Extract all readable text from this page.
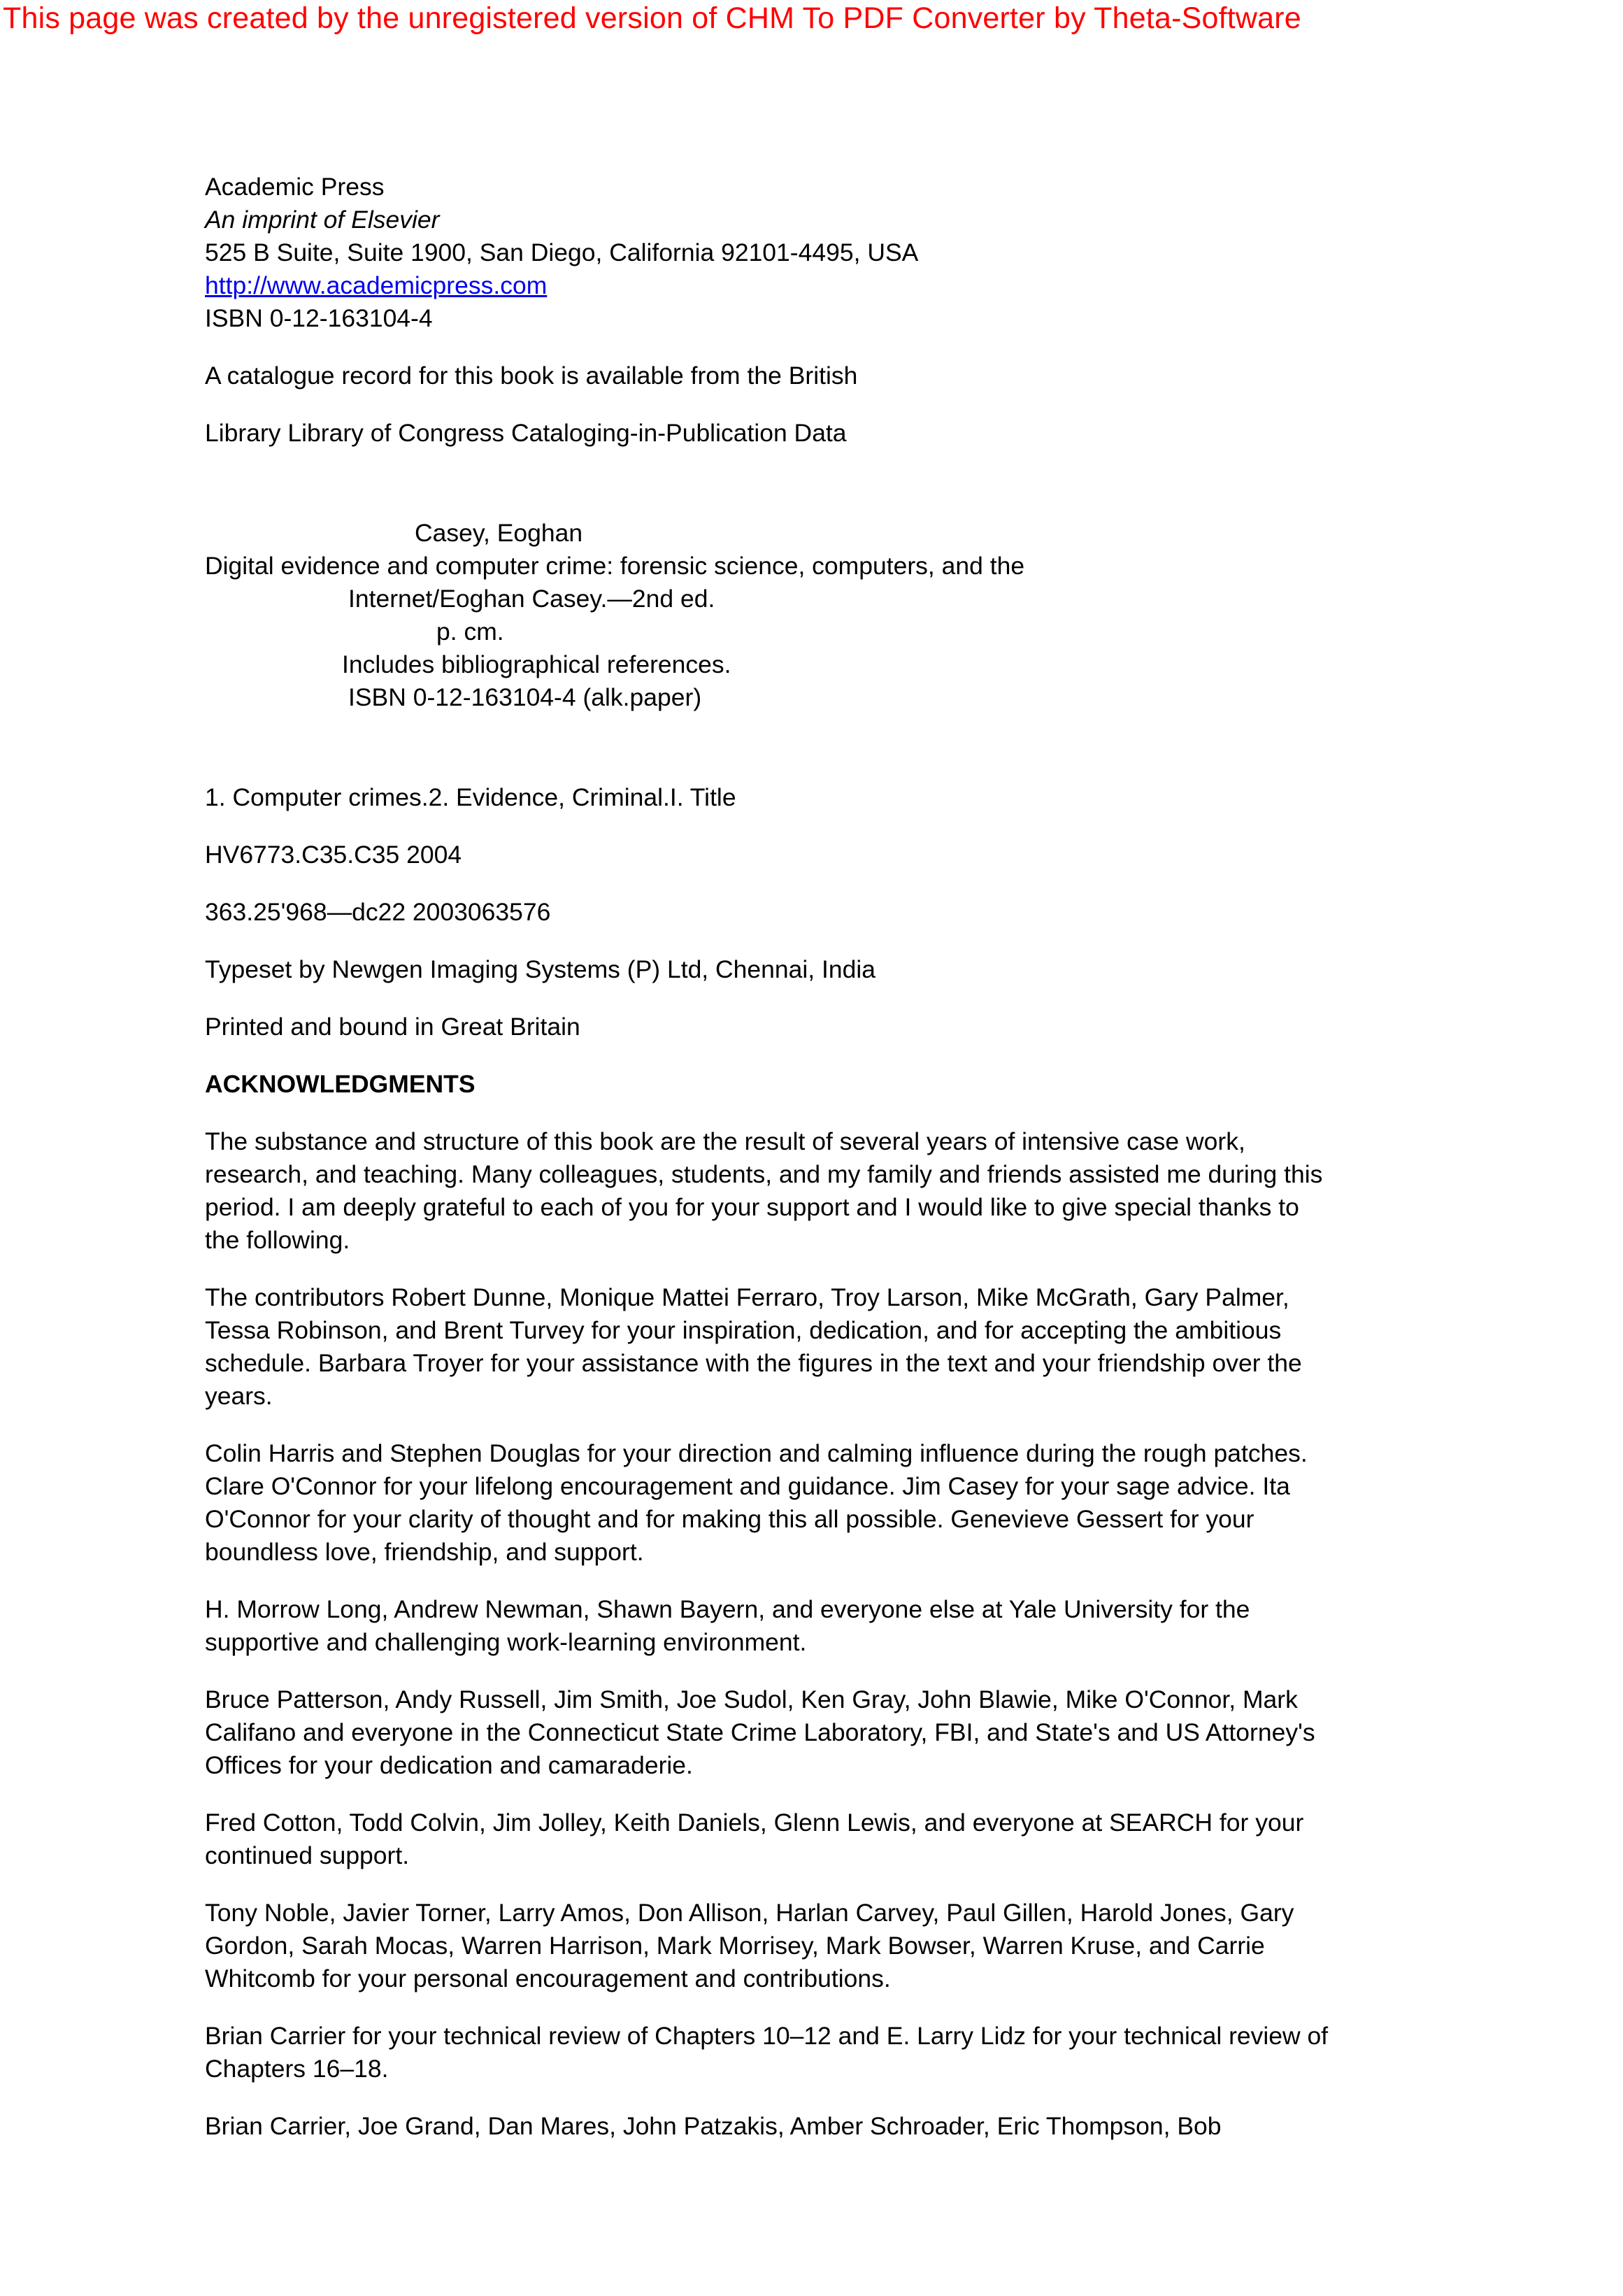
This page was created by the unregistered version of CHM To PDF Converter by Theta-Software
Academic Press
An imprint of Elsevier
525 B Suite, Suite 1900, San Diego, California 92101-4495, USA
http://www.academicpress.com
ISBN 0-12-163104-4

A catalogue record for this book is available from the British

Library Library of Congress Cataloging-in-Publication Data

Casey, Eoghan
Digital evidence and computer crime: forensic science, computers, and the
Internet/Eoghan Casey.—2nd ed.
p. cm.
Includes bibliographical references.
ISBN 0-12-163104-4 (alk.paper)

1. Computer crimes.2. Evidence, Criminal.I. Title

HV6773.C35.C35 2004

363.25'968—dc22 2003063576

Typeset by Newgen Imaging Systems (P) Ltd, Chennai, India

Printed and bound in Great Britain

ACKNOWLEDGMENTS

The substance and structure of this book are the result of several years of intensive case work,
research, and teaching. Many colleagues, students, and my family and friends assisted me during this
period. I am deeply grateful to each of you for your support and I would like to give special thanks to
the following.

The contributors Robert Dunne, Monique Mattei Ferraro, Troy Larson, Mike McGrath, Gary Palmer,
Tessa Robinson, and Brent Turvey for your inspiration, dedication, and for accepting the ambitious
schedule. Barbara Troyer for your assistance with the figures in the text and your friendship over the
years.

Colin Harris and Stephen Douglas for your direction and calming influence during the rough patches.
Clare O'Connor for your lifelong encouragement and guidance. Jim Casey for your sage advice. Ita
O'Connor for your clarity of thought and for making this all possible. Genevieve Gessert for your
boundless love, friendship, and support.

H. Morrow Long, Andrew Newman, Shawn Bayern, and everyone else at Yale University for the
supportive and challenging work-learning environment.

Bruce Patterson, Andy Russell, Jim Smith, Joe Sudol, Ken Gray, John Blawie, Mike O'Connor, Mark
Califano and everyone in the Connecticut State Crime Laboratory, FBI, and State's and US Attorney's
Offices for your dedication and camaraderie.

Fred Cotton, Todd Colvin, Jim Jolley, Keith Daniels, Glenn Lewis, and everyone at SEARCH for your
continued support.

Tony Noble, Javier Torner, Larry Amos, Don Allison, Harlan Carvey, Paul Gillen, Harold Jones, Gary
Gordon, Sarah Mocas, Warren Harrison, Mark Morrisey, Mark Bowser, Warren Kruse, and Carrie
Whitcomb for your personal encouragement and contributions.

Brian Carrier for your technical review of Chapters 10–12 and E. Larry Lidz for your technical review of
Chapters 16–18.

Brian Carrier, Joe Grand, Dan Mares, John Patzakis, Amber Schroader, Eric Thompson, Bob
